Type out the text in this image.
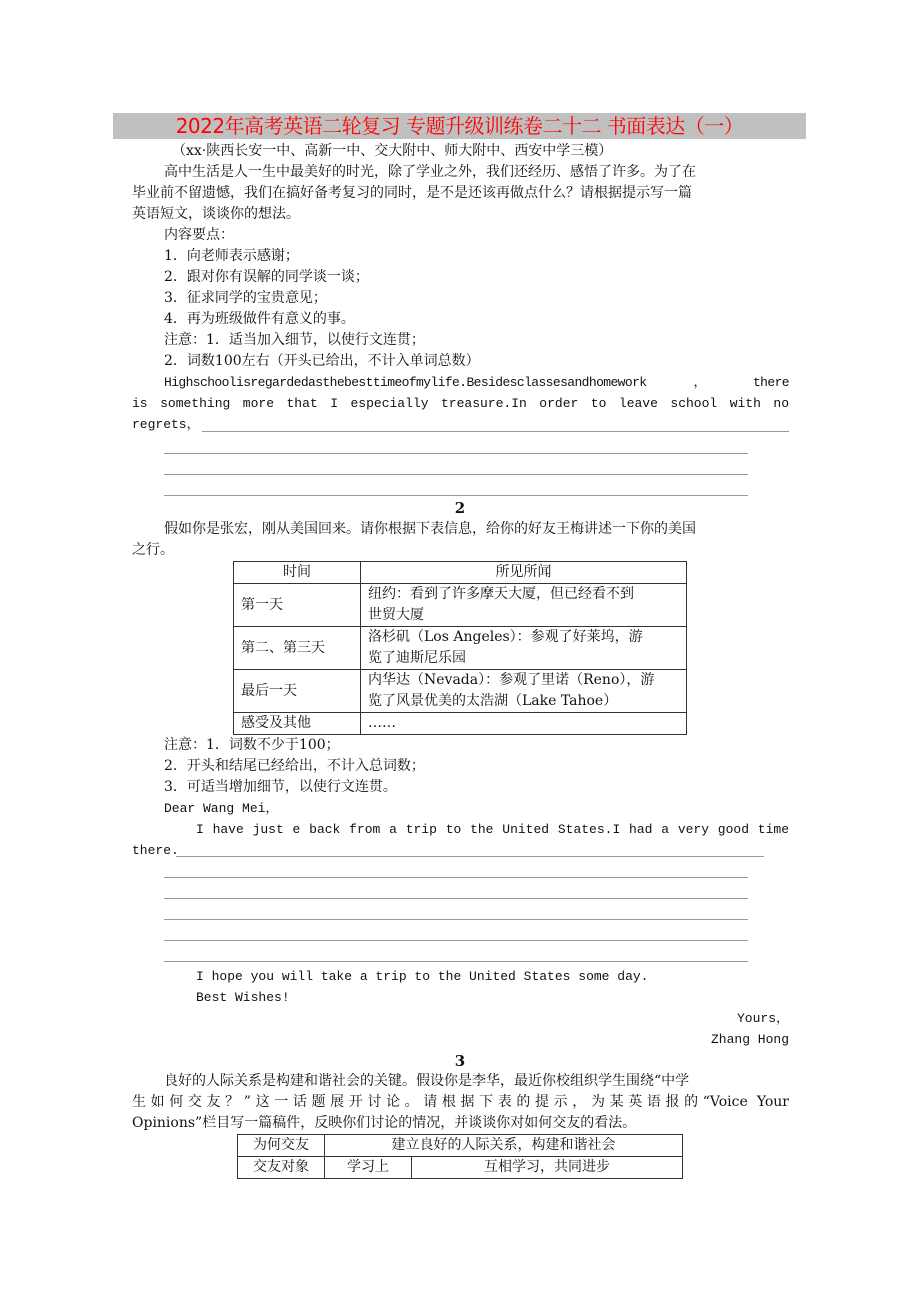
2022年高考英语二轮复习 专题升级训练卷二十二 书面表达（一）
（xx·陕西长安一中、高新一中、交大附中、师大附中、西安中学三模）
高中生活是人一生中最美好的时光，除了学业之外，我们还经历、感悟了许多。为了在
毕业前不留遗憾，我们在搞好备考复习的同时，是不是还该再做点什么？请根据提示写一篇
英语短文，谈谈你的想法。
内容要点：
1．向老师表示感谢；
2．跟对你有误解的同学谈一谈；
3．征求同学的宝贵意见；
4．再为班级做件有意义的事。
注意：1．适当加入细节，以使行文连贯；
2．词数100左右（开头已给出，不计入单词总数）
Highschoolisregardedasthebesttimeofmylife.Besidesclassesandhomework，there
is something more that I especially treasure.In order to leave school with no
regrets，
2
假如你是张宏，刚从美国回来。请你根据下表信息，给你的好友王梅讲述一下你的美国
之行。
时间	所见所闻
第一天	纽约：看到了许多摩天大厦，但已经看不到
世贸大厦

第二、第三天	洛杉矶（Los Angeles）：参观了好莱坞，游
览了迪斯尼乐园

最后一天	内华达（Nevada）：参观了里诺（Reno），游
览了风景优美的太浩湖（Lake Tahoe）

感受及其他	……
注意：1．词数不少于100；
2．开头和结尾已经给出，不计入总词数；
3．可适当增加细节，以使行文连贯。
Dear Wang Mei，
I have just e back from a trip to the United States.I had a very good time
there.
I hope you will take a trip to the United States some day.
Best Wishes!
Yours，
Zhang Hong
3
良好的人际关系是构建和谐社会的关键。假设你是李华，最近你校组织学生围绕“中学
生如何交友？”这一话题展开讨论。请根据下表的提示，为某英语报的“Voice Your
Opinions”栏目写一篇稿件，反映你们讨论的情况，并谈谈你对如何交友的看法。
为何交友	建立良好的人际关系，构建和谐社会	
交友对象	学习上	互相学习，共同进步
